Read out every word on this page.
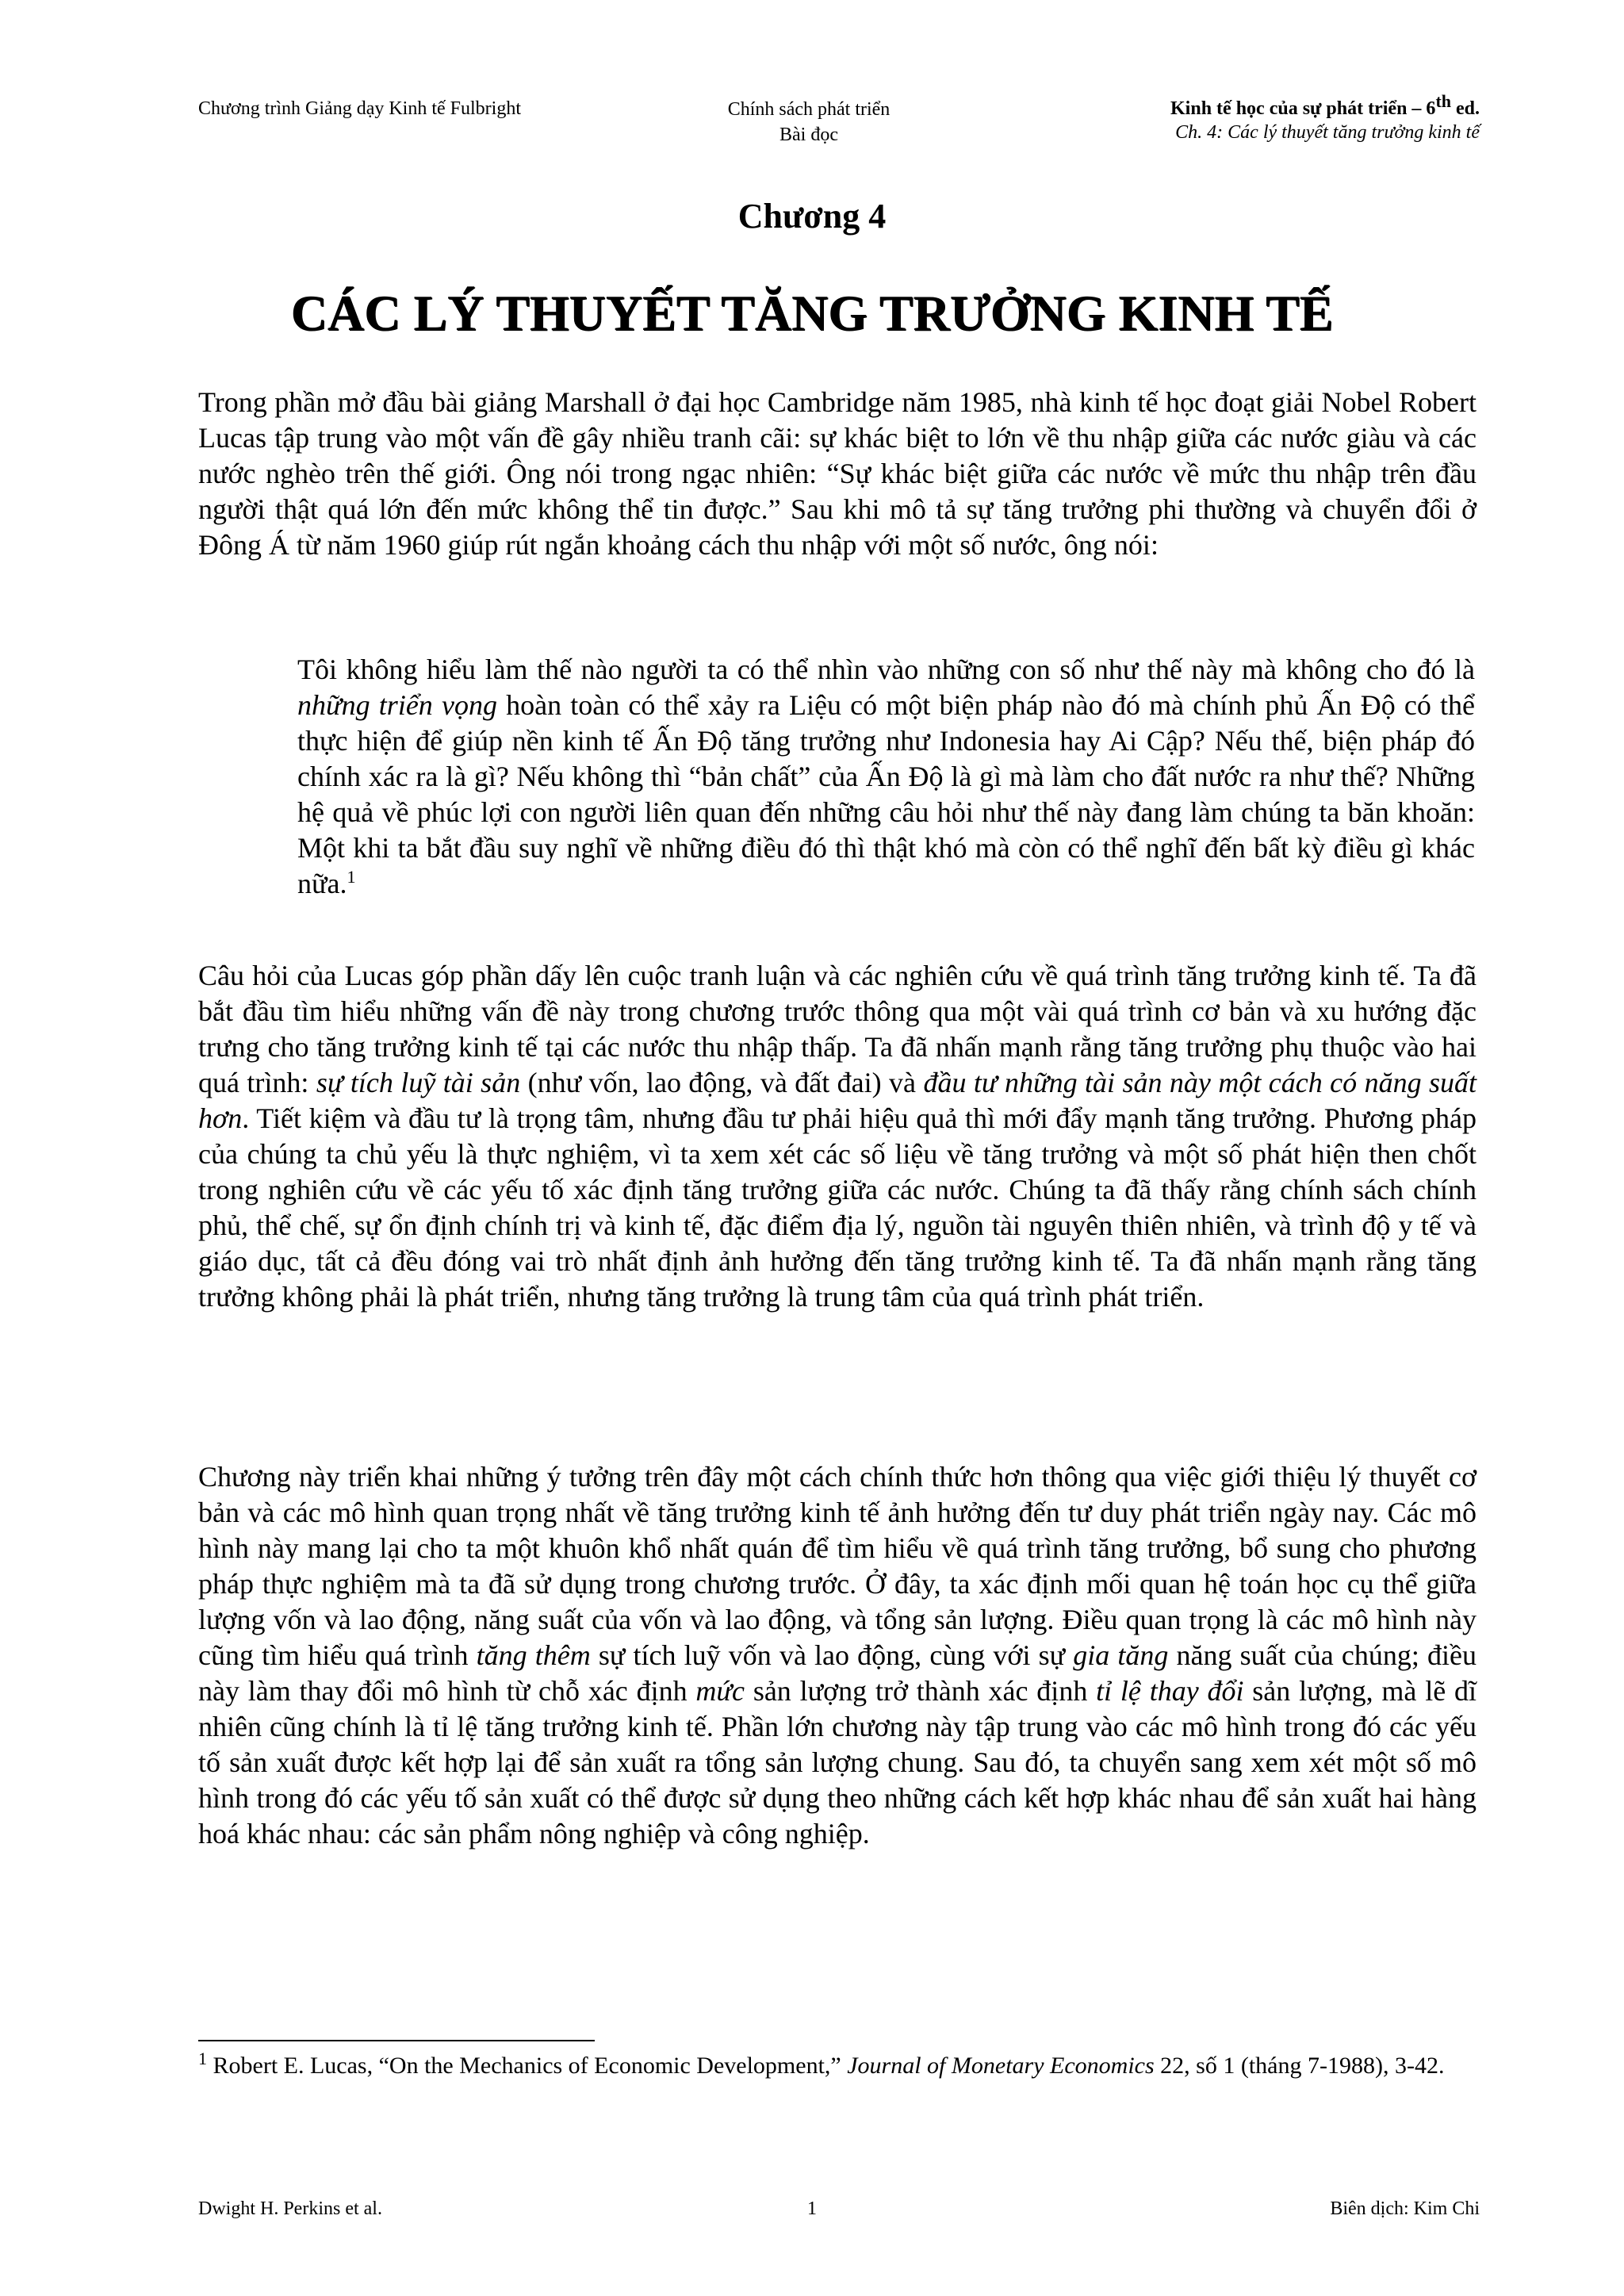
Chương trình Giảng dạy Kinh tế Fulbright	Chính sách phát triển
Bài đọc
Kinh tế học của sự phát triển – 6th ed.
Ch. 4: Các lý thuyết tăng trưởng kinh tế
Chương 4
CÁC LÝ THUYẾT TĂNG TRƯỞNG KINH TẾ
Trong phần mở đầu bài giảng Marshall ở đại học Cambridge năm 1985, nhà kinh tế học đoạt giải Nobel Robert Lucas tập trung vào một vấn đề gây nhiều tranh cãi: sự khác biệt to lớn về thu nhập giữa các nước giàu và các nước nghèo trên thế giới. Ông nói trong ngạc nhiên: “Sự khác biệt giữa các nước về mức thu nhập trên đầu người thật quá lớn đến mức không thể tin được.” Sau khi mô tả sự tăng trưởng phi thường và chuyển đổi ở Đông Á từ năm 1960 giúp rút ngắn khoảng cách thu nhập với một số nước, ông nói:
Tôi không hiểu làm thế nào người ta có thể nhìn vào những con số như thế này mà không cho đó là những triển vọng hoàn toàn có thể xảy ra Liệu có một biện pháp nào đó mà chính phủ Ấn Độ có thể thực hiện để giúp nền kinh tế Ấn Độ tăng trưởng như Indonesia hay Ai Cập? Nếu thế, biện pháp đó chính xác ra là gì? Nếu không thì “bản chất” của Ấn Độ là gì mà làm cho đất nước ra như thế? Những hệ quả về phúc lợi con người liên quan đến những câu hỏi như thế này đang làm chúng ta băn khoăn: Một khi ta bắt đầu suy nghĩ về những điều đó thì thật khó mà còn có thể nghĩ đến bất kỳ điều gì khác nữa.$^1$
Câu hỏi của Lucas góp phần dấy lên cuộc tranh luận và các nghiên cứu về quá trình tăng trưởng kinh tế. Ta đã bắt đầu tìm hiểu những vấn đề này trong chương trước thông qua một vài quá trình cơ bản và xu hướng đặc trưng cho tăng trưởng kinh tế tại các nước thu nhập thấp. Ta đã nhấn mạnh rằng tăng trưởng phụ thuộc vào hai quá trình: sự tích luỹ tài sản (như vốn, lao động, và đất đai) và đầu tư những tài sản này một cách có năng suất hơn. Tiết kiệm và đầu tư là trọng tâm, nhưng đầu tư phải hiệu quả thì mới đẩy mạnh tăng trưởng. Phương pháp của chúng ta chủ yếu là thực nghiệm, vì ta xem xét các số liệu về tăng trưởng và một số phát hiện then chốt trong nghiên cứu về các yếu tố xác định tăng trưởng giữa các nước. Chúng ta đã thấy rằng chính sách chính phủ, thể chế, sự ổn định chính trị và kinh tế, đặc điểm địa lý, nguồn tài nguyên thiên nhiên, và trình độ y tế và giáo dục, tất cả đều đóng vai trò nhất định ảnh hưởng đến tăng trưởng kinh tế. Ta đã nhấn mạnh rằng tăng trưởng không phải là phát triển, nhưng tăng trưởng là trung tâm của quá trình phát triển.
Chương này triển khai những ý tưởng trên đây một cách chính thức hơn thông qua việc giới thiệu lý thuyết cơ bản và các mô hình quan trọng nhất về tăng trưởng kinh tế ảnh hưởng đến tư duy phát triển ngày nay. Các mô hình này mang lại cho ta một khuôn khổ nhất quán để tìm hiểu về quá trình tăng trưởng, bổ sung cho phương pháp thực nghiệm mà ta đã sử dụng trong chương trước. Ở đây, ta xác định mối quan hệ toán học cụ thể giữa lượng vốn và lao động, năng suất của vốn và lao động, và tổng sản lượng. Điều quan trọng là các mô hình này cũng tìm hiểu quá trình tăng thêm sự tích luỹ vốn và lao động, cùng với sự gia tăng năng suất của chúng; điều này làm thay đổi mô hình từ chỗ xác định mức sản lượng trở thành xác định tỉ lệ thay đổi sản lượng, mà lẽ dĩ nhiên cũng chính là tỉ lệ tăng trưởng kinh tế. Phần lớn chương này tập trung vào các mô hình trong đó các yếu tố sản xuất được kết hợp lại để sản xuất ra tổng sản lượng chung. Sau đó, ta chuyển sang xem xét một số mô hình trong đó các yếu tố sản xuất có thể được sử dụng theo những cách kết hợp khác nhau để sản xuất hai hàng hoá khác nhau: các sản phẩm nông nghiệp và công nghiệp.
$^1$ Robert E. Lucas, “On the Mechanics of Economic Development,” Journal of Monetary Economics 22, số 1 (tháng 7-1988), 3-42.
Dwight H. Perkins et al.	1	Biên dịch: Kim Chi
